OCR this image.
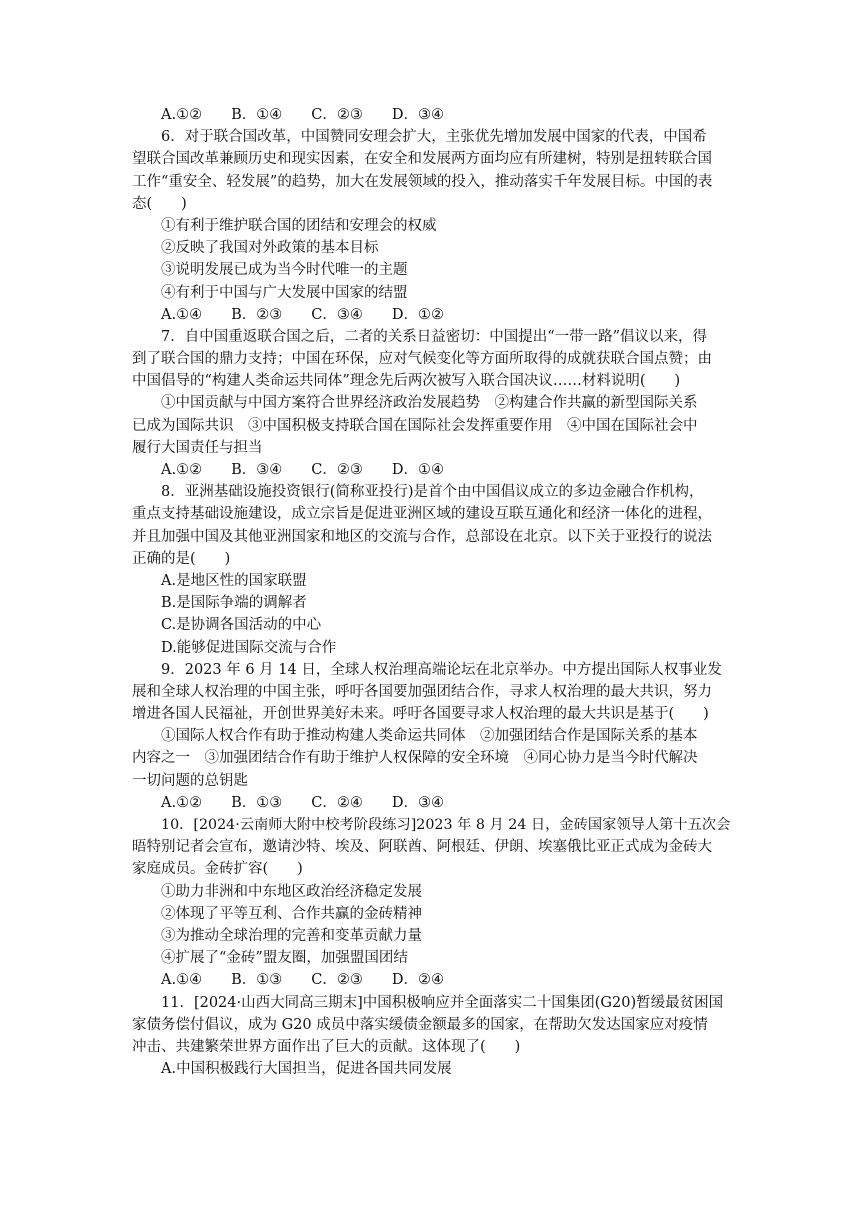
A.①②　　B．①④　　C．②③　　D．③④
6．对于联合国改革，中国赞同安理会扩大，主张优先增加发展中国家的代表，中国希
望联合国改革兼顾历史和现实因素，在安全和发展两方面均应有所建树，特别是扭转联合国
工作“重安全、轻发展”的趋势，加大在发展领域的投入，推动落实千年发展目标。中国的表
态(　　)
①有利于维护联合国的团结和安理会的权威
②反映了我国对外政策的基本目标
③说明发展已成为当今时代唯一的主题
④有利于中国与广大发展中国家的结盟
A.①④　　B．②③　　C．③④　　D．①②
7．自中国重返联合国之后，二者的关系日益密切：中国提出“一带一路”倡议以来，得
到了联合国的鼎力支持；中国在环保，应对气候变化等方面所取得的成就获联合国点赞；由
中国倡导的“构建人类命运共同体”理念先后两次被写入联合国决议……材料说明(　　)
①中国贡献与中国方案符合世界经济政治发展趋势　②构建合作共赢的新型国际关系
已成为国际共识　③中国积极支持联合国在国际社会发挥重要作用　④中国在国际社会中
履行大国责任与担当
A.①②　　B．③④　　C．②③　　D．①④
8．亚洲基础设施投资银行(简称亚投行)是首个由中国倡议成立的多边金融合作机构，
重点支持基础设施建设，成立宗旨是促进亚洲区域的建设互联互通化和经济一体化的进程，
并且加强中国及其他亚洲国家和地区的交流与合作，总部设在北京。以下关于亚投行的说法
正确的是(　　)
A.是地区性的国家联盟
B.是国际争端的调解者
C.是协调各国活动的中心
D.能够促进国际交流与合作
9．2023 年 6 月 14 日，全球人权治理高端论坛在北京举办。中方提出国际人权事业发
展和全球人权治理的中国主张，呼吁各国要加强团结合作，寻求人权治理的最大共识，努力
增进各国人民福祉，开创世界美好未来。呼吁各国要寻求人权治理的最大共识是基于(　　)
①国际人权合作有助于推动构建人类命运共同体　②加强团结合作是国际关系的基本
内容之一　③加强团结合作有助于维护人权保障的安全环境　④同心协力是当今时代解决
一切问题的总钥匙
A.①②　　B．①③　　C．②④　　D．③④
10．[2024·云南师大附中校考阶段练习]2023 年 8 月 24 日，金砖国家领导人第十五次会
晤特别记者会宣布，邀请沙特、埃及、阿联酋、阿根廷、伊朗、埃塞俄比亚正式成为金砖大
家庭成员。金砖扩容(　　)
①助力非洲和中东地区政治经济稳定发展
②体现了平等互利、合作共赢的金砖精神
③为推动全球治理的完善和变革贡献力量
④扩展了“金砖”盟友圈，加强盟国团结
A.①④　　B．①③　　C．②③　　D．②④
11．[2024·山西大同高三期末]中国积极响应并全面落实二十国集团(G20)暂缓最贫困国
家债务偿付倡议，成为 G20 成员中落实缓债金额最多的国家，在帮助欠发达国家应对疫情
冲击、共建繁荣世界方面作出了巨大的贡献。这体现了(　　)
A.中国积极践行大国担当，促进各国共同发展
